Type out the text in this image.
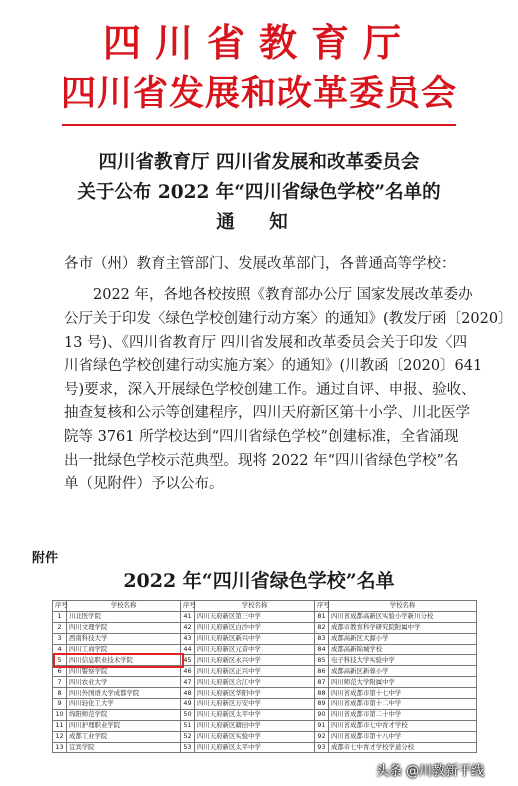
四川省教育厅
四川省发展和改革委员会
四川省教育厅 四川省发展和改革委员会
关于公布 2022 年“四川省绿色学校”名单的
通 知
各市（州）教育主管部门、发展改革部门，各普通高等学校：
2022 年，各地各校按照《教育部办公厅 国家发展改革委办
公厅关于印发〈绿色学校创建行动方案〉的通知》(教发厅函〔2020〕
13 号)、《四川省教育厅 四川省发展和改革委员会关于印发〈四
川省绿色学校创建行动实施方案〉的通知》(川教函〔2020〕641
号)要求，深入开展绿色学校创建工作。通过自评、申报、验收、
抽查复核和公示等创建程序，四川天府新区第十小学、川北医学
院等 3761 所学校达到“四川省绿色学校”创建标准，全省涌现
出一批绿色学校示范典型。现将 2022 年“四川省绿色学校”名
单（见附件）予以公布。
附件
2022 年“四川省绿色学校”名单
序号	学校名称	序号	学校名称	序号	学校名称
1	川北医学院	41	四川天府新区第三中学	81	四川省成都高新区实验小学新川分校
2	四川文理学院	42	四川天府新区白沙中学	82	成都市教育科学研究院附属中学
3	西南科技大学	43	四川天府新区新兴中学	83	成都高新区大源小学
4	四川工商学院	44	四川天府新区元音中学	84	成都高新锦城学校
5	四川信息职业技术学院	45	四川天府新区永兴中学	85	电子科技大学实验中学
6	四川警察学院	46	四川天府新区正兴中学	86	成都高新区新蓉小学
7	四川农业大学	47	四川天府新区合江中学	87	四川师范大学附属中学
8	四川外国语大学成都学院	48	四川天府新区华阳中学	88	四川省成都市第十七中学
9	四川轻化工大学	49	四川天府新区万安中学	89	四川省成都市第十二中学
10	绵阳师范学院	50	四川天府新区太平中学	90	四川省成都市第二十中学
11	四川护理职业学院	51	四川天府新区籍田中学	91	四川省成都市七中育才学校
12	成都工业学院	52	四川天府新区实验中学	92	四川省成都市第十八中学
13	宜宾学院	53	四川天府新区太平中学	93	成都市七中育才学校学道分校
头条 @川教新干线
